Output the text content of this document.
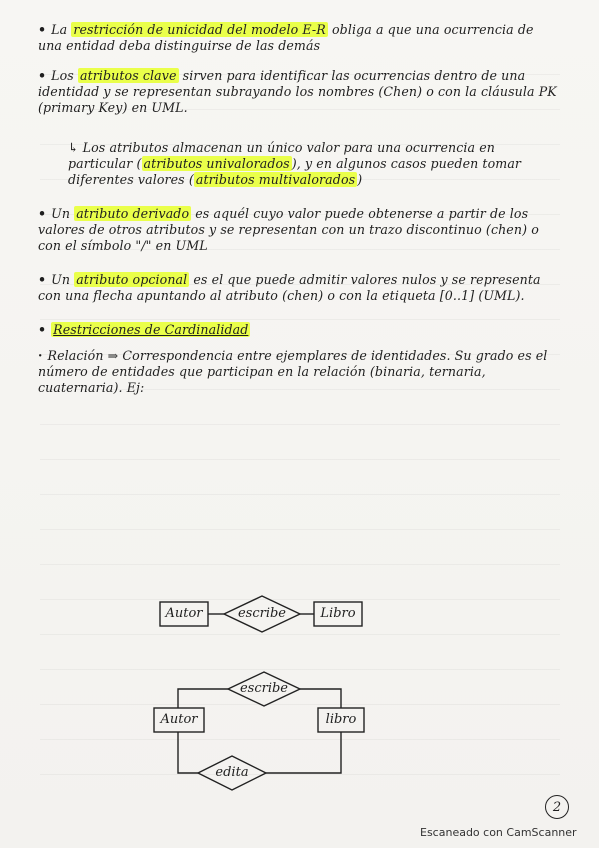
• La restricción de unicidad del modelo E-R obliga a que una ocurrencia de una entidad deba distinguirse de las demás

• Los atributos clave sirven para identificar las ocurrencias dentro de una identidad y se representan subrayando los nombres (Chen) o con la cláusula PK (primary Key) en UML.

↳ Los atributos almacenan un único valor para una ocurrencia en particular ( atributos univalorados ), y en algunos casos pueden tomar diferentes valores ( atributos multivalorados )

• Un atributo derivado es aquél cuyo valor puede obtenerse a partir de los valores de otros atributos y se representan con un trazo discontinuo (chen) o con el símbolo "/" en UML

• Un atributo opcional es el que puede admitir valores nulos y se representa con una flecha apuntando al atributo (chen) o con la etiqueta [0..1] (UML).

• Restricciones de Cardinalidad

· Relación ⇒ Correspondencia entre ejemplares de identidades. Su grado es el número de entidades que participan en la relación (binaria, ternaria, cuaternaria). Ej:

Autor	escribe	Libro
Autor
escribe
libro
edita
2
Escaneado con CamScanner
